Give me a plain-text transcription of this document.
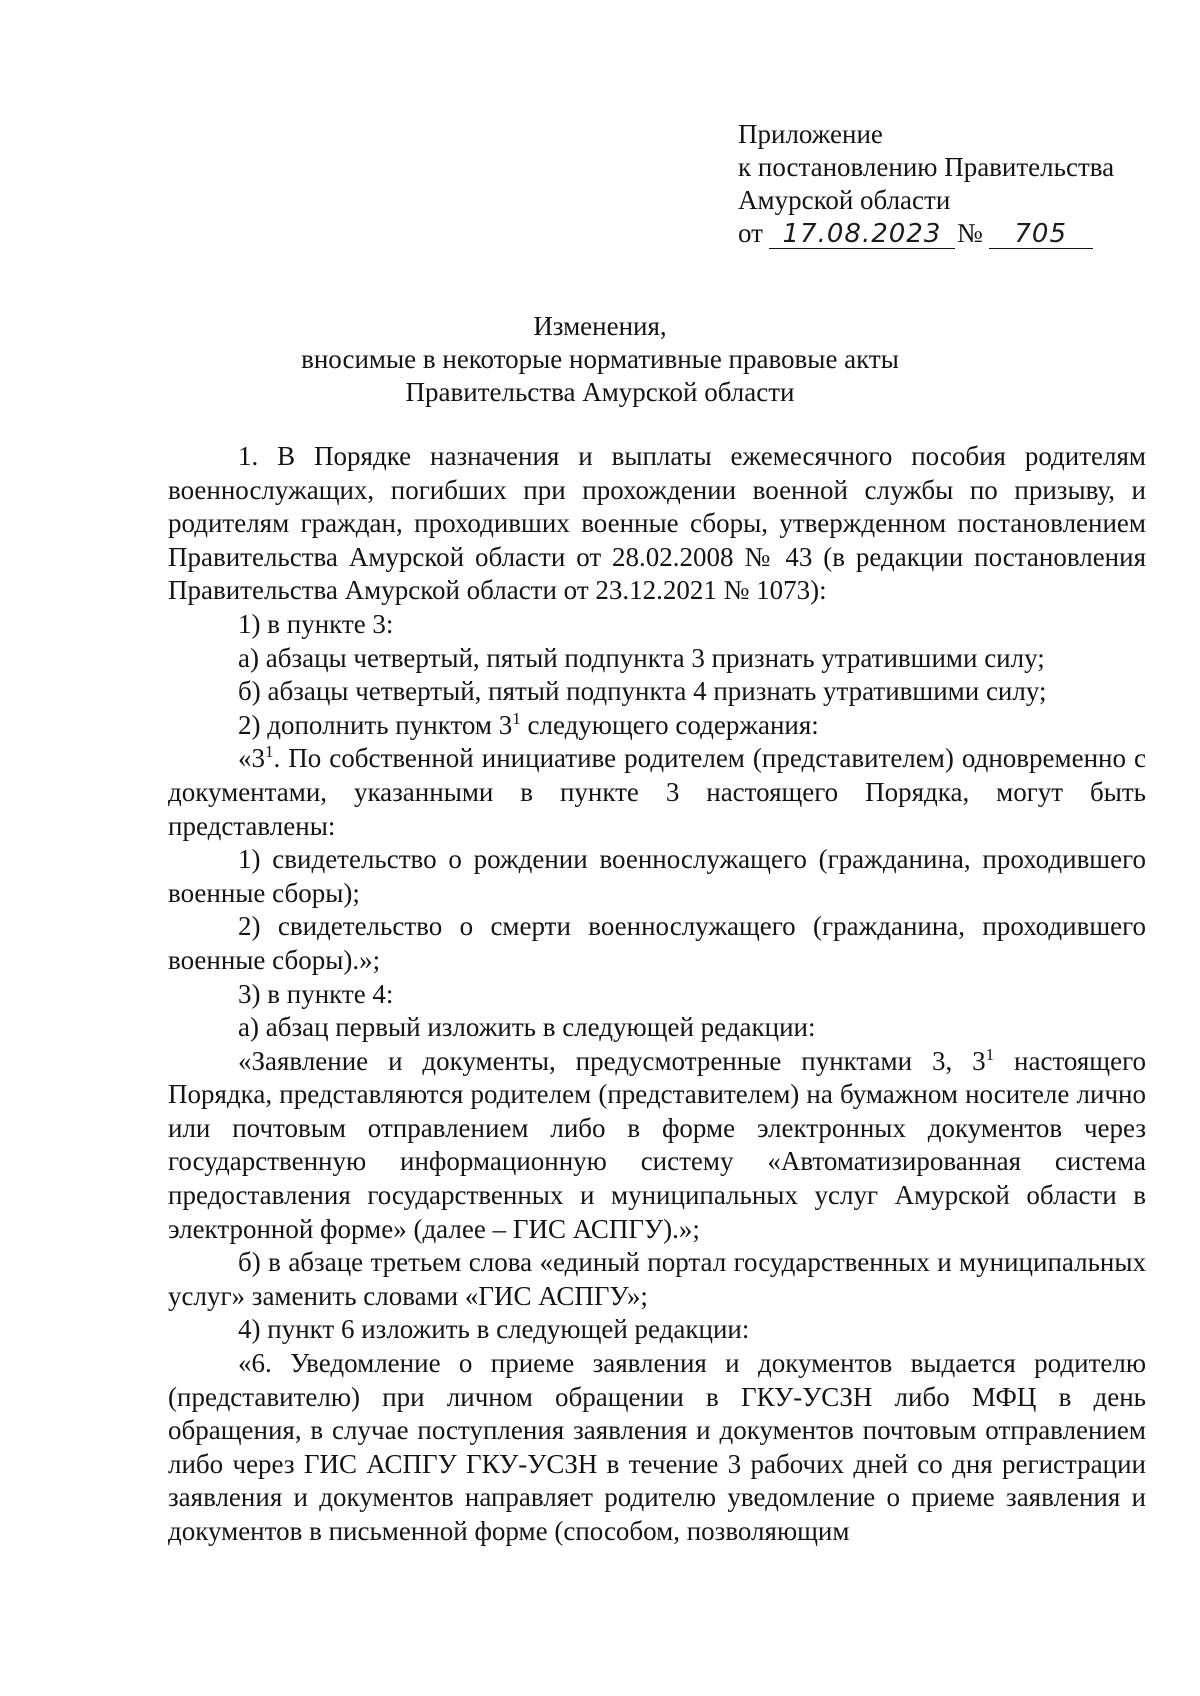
Приложение
к постановлению Правительства
Амурской области
от 17.08.2023 № 705
Изменения,
вносимые в некоторые нормативные правовые акты
Правительства Амурской области

1. В Порядке назначения и выплаты ежемесячного пособия родителям военнослужащих, погибших при прохождении военной службы по призыву, и родителям граждан, проходивших военные сборы, утвержденном постановлением Правительства Амурской области от 28.02.2008 № 43 (в редакции постановления Правительства Амурской области от 23.12.2021 № 1073):

1) в пункте 3:

а) абзацы четвертый, пятый подпункта 3 признать утратившими силу;

б) абзацы четвертый, пятый подпункта 4 признать утратившими силу;

2) дополнить пунктом $3^1$ следующего содержания:

«$3^1$. По собственной инициативе родителем (представителем) одновременно с документами, указанными в пункте 3 настоящего Порядка, могут быть представлены:

1) свидетельство о рождении военнослужащего (гражданина, проходившего военные сборы);

2) свидетельство о смерти военнослужащего (гражданина, проходившего военные сборы).»;

3) в пункте 4:

а) абзац первый изложить в следующей редакции:

«Заявление и документы, предусмотренные пунктами 3, $3^1$ настоящего Порядка, представляются родителем (представителем) на бумажном носителе лично или почтовым отправлением либо в форме электронных документов через государственную информационную систему «Автоматизированная система предоставления государственных и муниципальных услуг Амурской области в электронной форме» (далее – ГИС АСПГУ).»;

б) в абзаце третьем слова «единый портал государственных и муниципальных услуг» заменить словами «ГИС АСПГУ»;

4) пункт 6 изложить в следующей редакции:

«6. Уведомление о приеме заявления и документов выдается родителю (представителю) при личном обращении в ГКУ-УСЗН либо МФЦ в день обращения, в случае поступления заявления и документов почтовым отправлением либо через ГИС АСПГУ ГКУ-УСЗН в течение 3 рабочих дней со дня регистрации заявления и документов направляет родителю уведомление о приеме заявления и документов в письменной форме (способом, позволяющим
